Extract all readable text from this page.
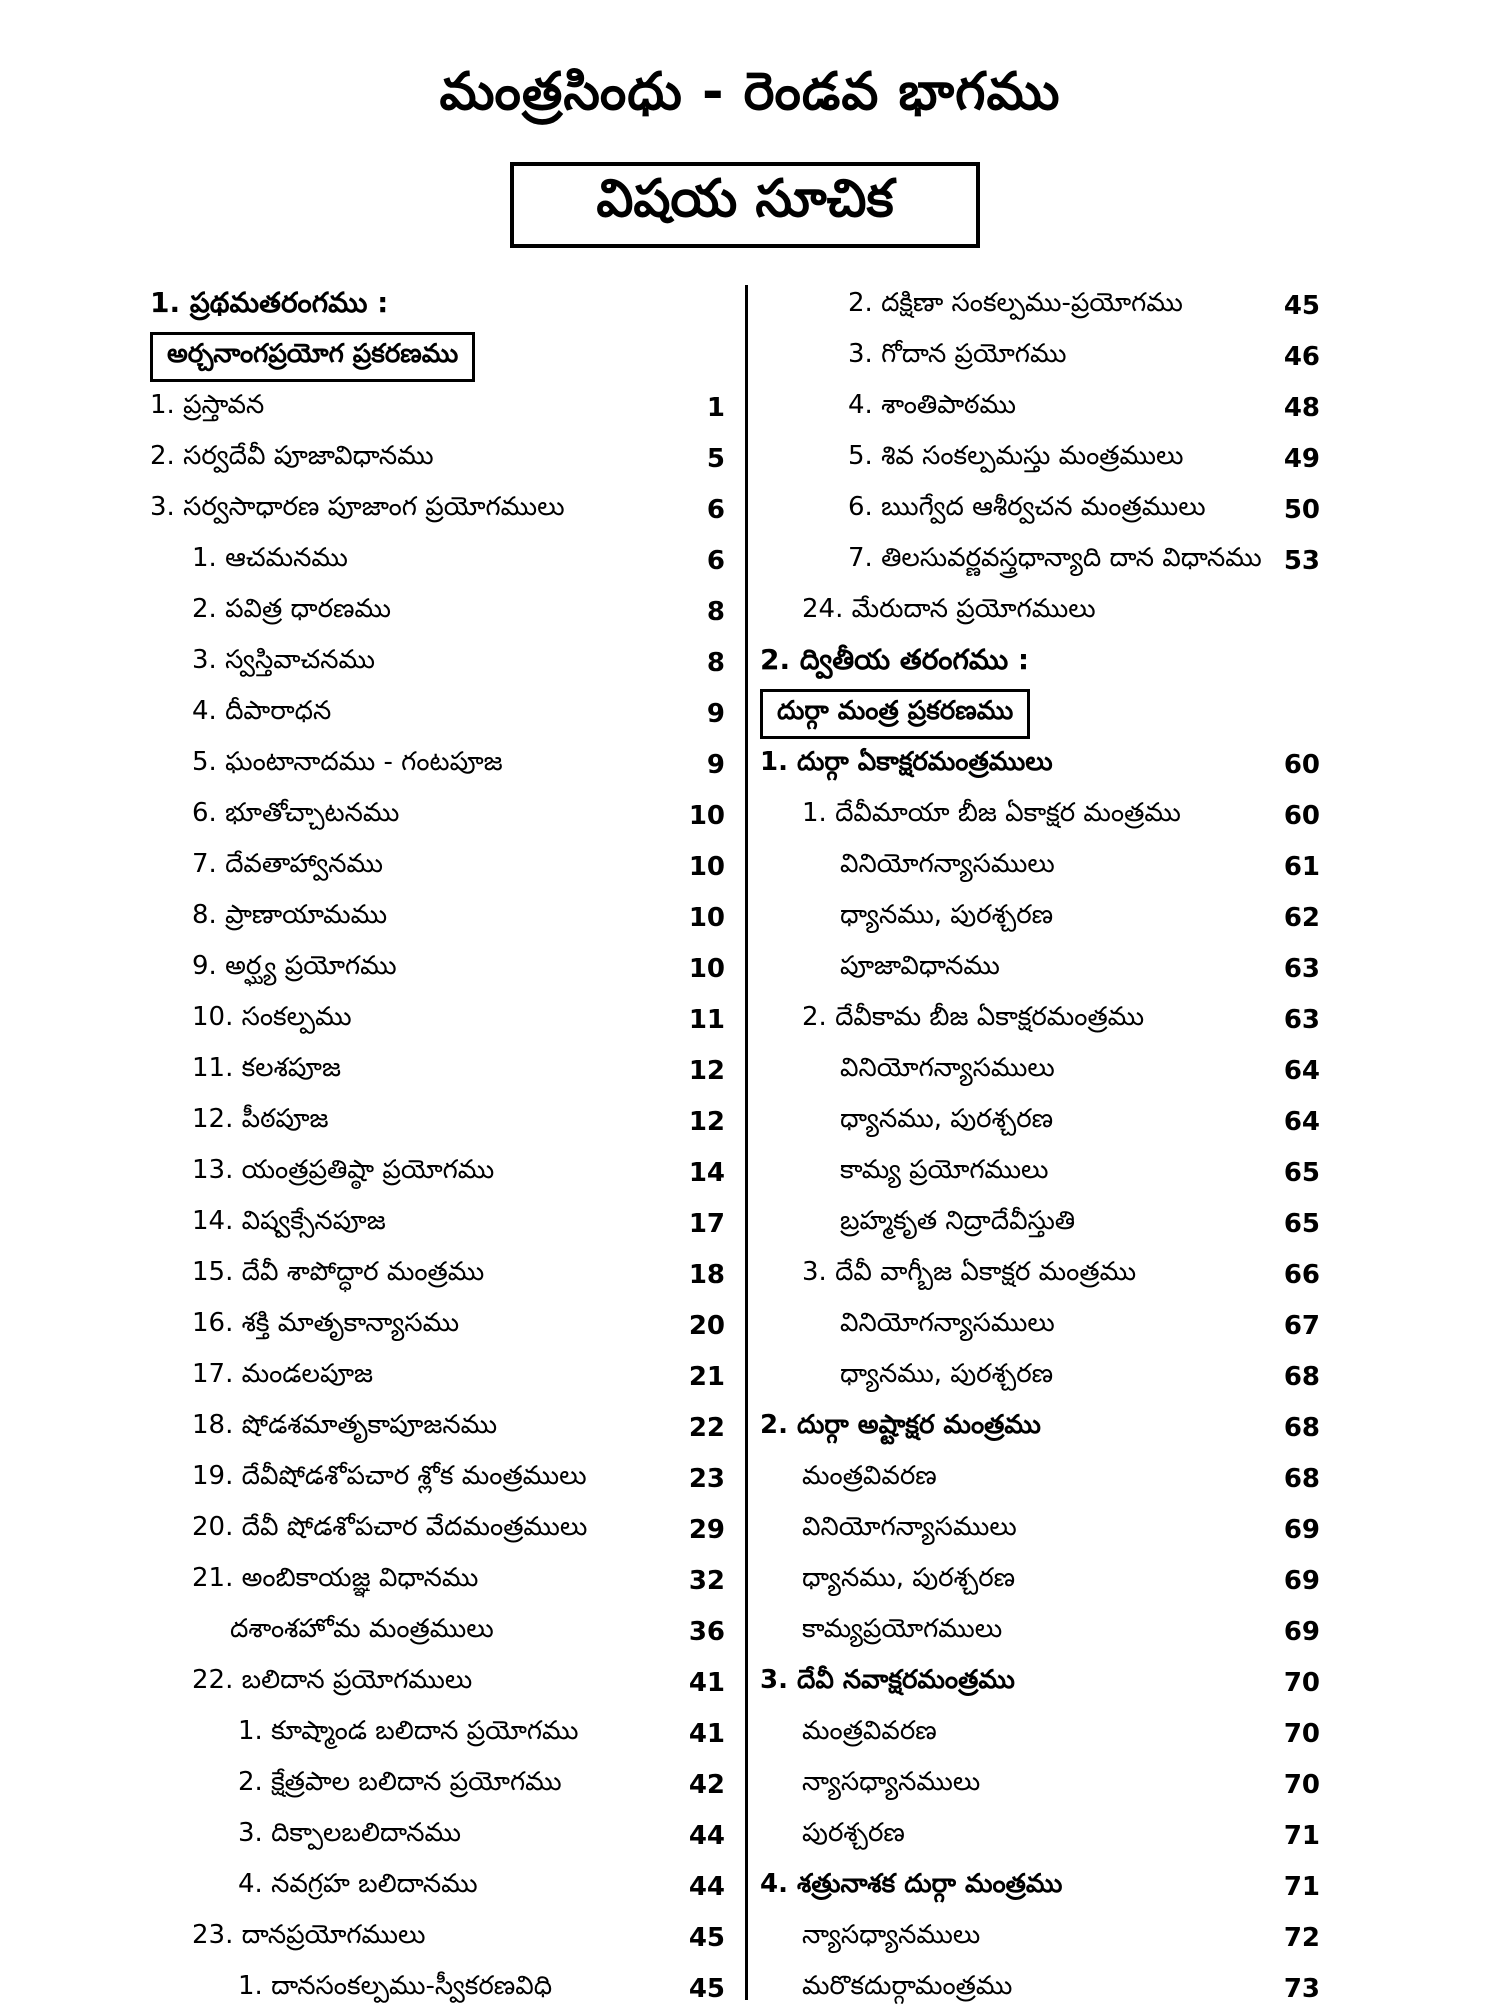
మంత్రసింధు - రెండవ భాగము
విషయ సూచిక
1. ప్రథమతరంగము :
అర్చనాంగప్రయోగ ప్రకరణము
1. ప్రస్తావన	1
2. సర్వదేవీ పూజావిధానము	5
3. సర్వసాధారణ పూజాంగ ప్రయోగములు	6
1. ఆచమనము	6
2. పవిత్ర ధారణము	8
3. స్వస్తివాచనము	8
4. దీపారాధన	9
5. ఘంటానాదము - గంటపూజ	9
6. భూతోచ్చాటనము	10
7. దేవతాహ్వానము	10
8. ప్రాణాయామము	10
9. అర్ఘ్య ప్రయోగము	10
10. సంకల్పము	11
11. కలశపూజ	12
12. పీఠపూజ	12
13. యంత్రప్రతిష్ఠా ప్రయోగము	14
14. విష్వక్సేనపూజ	17
15. దేవీ శాపోద్ధార మంత్రము	18
16. శక్తి మాతృకాన్యాసము	20
17. మండలపూజ	21
18. షోడశమాతృకాపూజనము	22
19. దేవీషోడశోపచార శ్లోక మంత్రములు	23
20. దేవీ షోడశోపచార వేదమంత్రములు	29
21. అంబికాయజ్ఞ విధానము	32
దశాంశహోమ మంత్రములు	36
22. బలిదాన ప్రయోగములు	41
1. కూష్మాండ బలిదాన ప్రయోగము	41
2. క్షేత్రపాల బలిదాన ప్రయోగము	42
3. దిక్పాలబలిదానము	44
4. నవగ్రహ బలిదానము	44
23. దానప్రయోగములు	45
1. దానసంకల్పము-స్వీకరణవిధి	45
2. దక్షిణా సంకల్పము-ప్రయోగము	45
3. గోదాన ప్రయోగము	46
4. శాంతిపాఠము	48
5. శివ సంకల్పమస్తు మంత్రములు	49
6. ఋగ్వేద ఆశీర్వచన మంత్రములు	50
7. తిలసువర్ణవస్త్రధాన్యాది దాన విధానము 53
24. మేరుదాన ప్రయోగములు
2. ద్వితీయ తరంగము :
దుర్గా మంత్ర ప్రకరణము
1. దుర్గా ఏకాక్షరమంత్రములు	60
1. దేవీమాయా బీజ ఏకాక్షర మంత్రము	60
వినియోగన్యాసములు	61
ధ్యానము, పురశ్చరణ	62
పూజావిధానము	63
2. దేవీకామ బీజ ఏకాక్షరమంత్రము	63
వినియోగన్యాసములు	64
ధ్యానము, పురశ్చరణ	64
కామ్య ప్రయోగములు	65
బ్రహ్మకృత నిద్రాదేవీస్తుతి	65
3. దేవీ వాగ్బీజ ఏకాక్షర మంత్రము	66
వినియోగన్యాసములు	67
ధ్యానము, పురశ్చరణ	68
2. దుర్గా అష్టాక్షర మంత్రము	68
మంత్రవివరణ	68
వినియోగన్యాసములు	69
ధ్యానము, పురశ్చరణ	69
కామ్యప్రయోగములు	69
3. దేవీ నవాక్షరమంత్రము	70
మంత్రవివరణ	70
న్యాసధ్యానములు	70
పురశ్చరణ	71
4. శత్రునాశక దుర్గా మంత్రము	71
న్యాసధ్యానములు	72
మరొకదుర్గామంత్రము	73
